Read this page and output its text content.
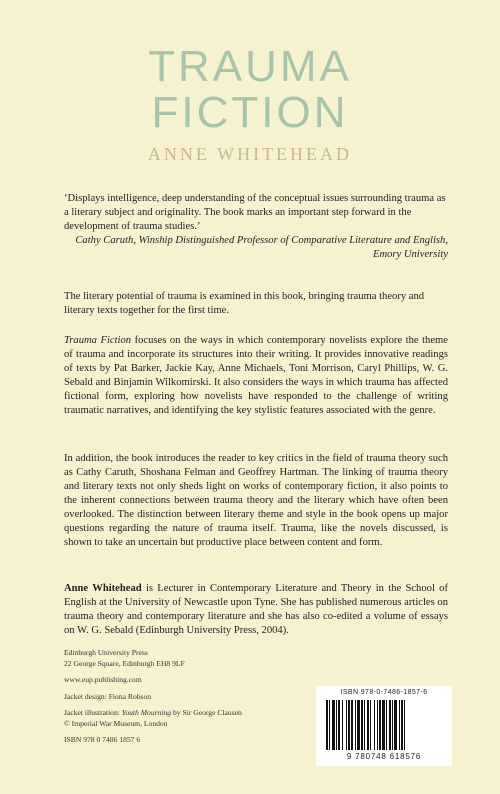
TRAUMA
FICTION
ANNE WHITEHEAD

‘Displays intelligence, deep understanding of the conceptual issues surrounding trauma as a literary subject and originality. The book marks an important step forward in the development of trauma studies.’

Cathy Caruth, Winship Distinguished Professor of Comparative Literature and English,
Emory University

The literary potential of trauma is examined in this book, bringing trauma theory and literary texts together for the first time.

Trauma Fiction focuses on the ways in which contemporary novelists explore the theme of trauma and incorporate its structures into their writing. It provides innovative readings of texts by Pat Barker, Jackie Kay, Anne Michaels, Toni Morrison, Caryl Phillips, W. G. Sebald and Binjamin Wilkomirski. It also considers the ways in which trauma has affected fictional form, exploring how novelists have responded to the challenge of writing traumatic narratives, and identifying the key stylistic features associated with the genre.

In addition, the book introduces the reader to key critics in the field of trauma theory such as Cathy Caruth, Shoshana Felman and Geoffrey Hartman. The linking of trauma theory and literary texts not only sheds light on works of contemporary fiction, it also points to the inherent connections between trauma theory and the literary which have often been overlooked. The distinction between literary theme and style in the book opens up major questions regarding the nature of trauma itself. Trauma, like the novels discussed, is shown to take an uncertain but productive place between content and form.

Anne Whitehead is Lecturer in Contemporary Literature and Theory in the School of English at the University of Newcastle upon Tyne. She has published numerous articles on trauma theory and contemporary literature and she has also co-edited a volume of essays on W. G. Sebald (Edinburgh University Press, 2004).

Edinburgh University Press
22 George Square, Edinburgh EH8 9LF
www.eup.publishing.com
Jacket design: Fiona Robson
Jacket illustration: Youth Mourning by Sir George Clausen
© Imperial War Museum, London
ISBN 978 0 7486 1857 6
ISBN 978-0-7486-1857-6
9 780748 618576
